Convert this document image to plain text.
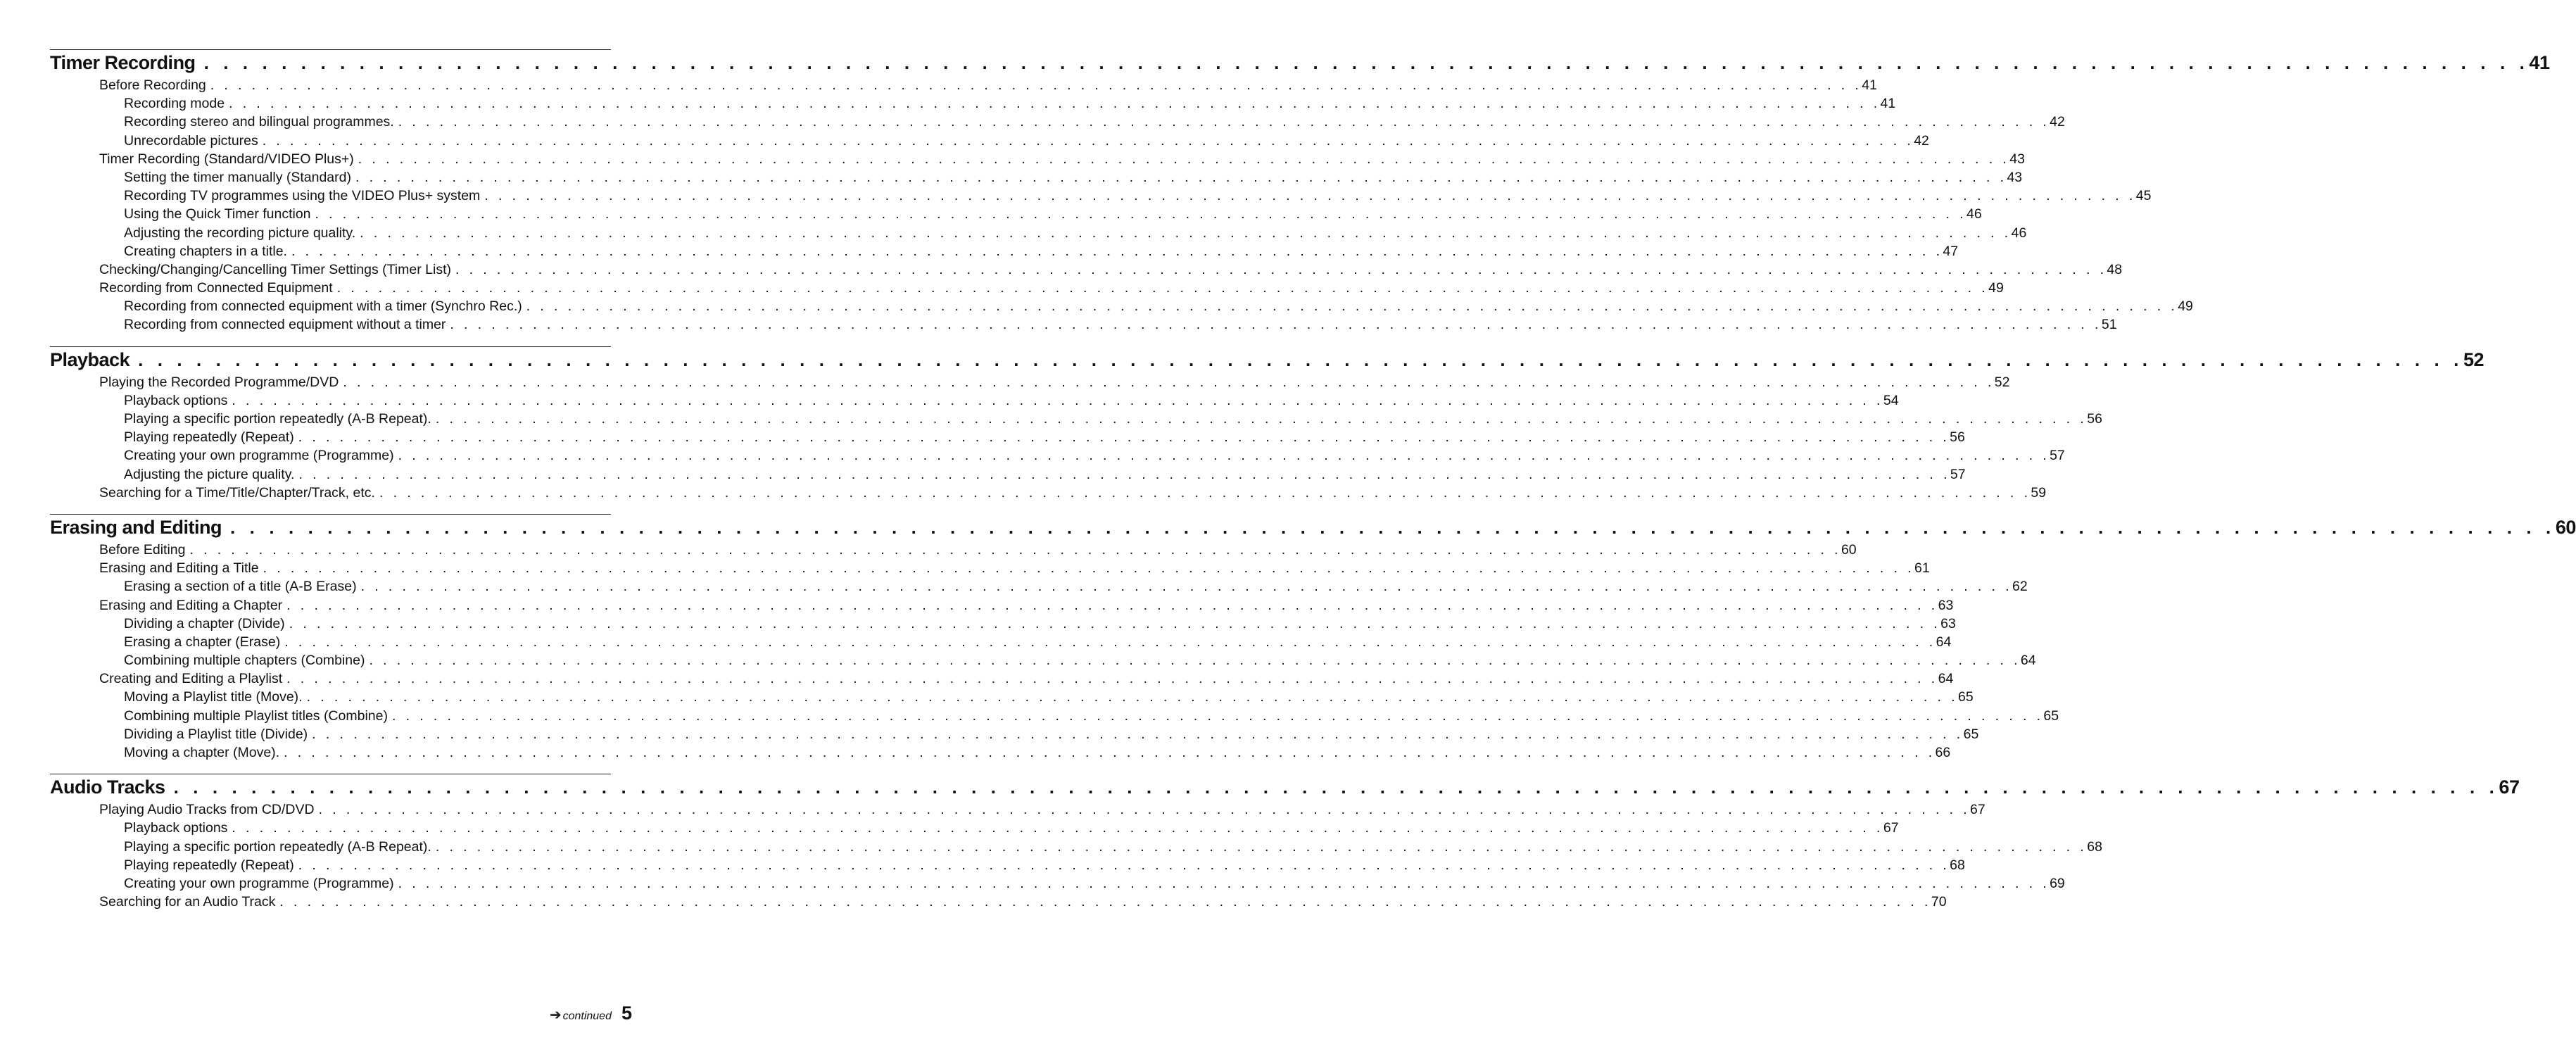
Timer Recording . . . . . . . . . . . . . . . . . . . . . . . . . . . . . . . . . . . . . . . . . . . . . . . . . . . . . . . . . . . . . . . . . . . . . . . . . . . . . . . . . . . . . . . . . . . . . . . . . . . . . . . . . . . . . . . . . . . . . . . . 41
Before Recording . . . . . . . . . . . . . . . . . . . . . . . . . . . . . . . . . . . . . . . . . . . . . . . . . . . . . . . . . . . . . . . . . . . . . . . . . . . . . . . . . . . . . . . . . . . . . . . . . . . . . . . . . . . . . . . . . . . . . . . . 41
Recording mode . . . . . . . . . . . . . . . . . . . . . . . . . . . . . . . . . . . . . . . . . . . . . . . . . . . . . . . . . . . . . . . . . . . . . . . . . . . . . . . . . . . . . . . . . . . . . . . . . . . . . . . . . . . . . . . . . . . . . . . . 41
Recording stereo and bilingual programmes. . . . . . . . . . . . . . . . . . . . . . . . . . . . . . . . . . . . . . . . . . . . . . . . . . . . . . . . . . . . . . . . . . . . . . . . . . . . . . . . . . . . . . . . . . . . . . . . . . . . . . . . . . . . . . . . . . . . . . . . . 42
Unrecordable pictures . . . . . . . . . . . . . . . . . . . . . . . . . . . . . . . . . . . . . . . . . . . . . . . . . . . . . . . . . . . . . . . . . . . . . . . . . . . . . . . . . . . . . . . . . . . . . . . . . . . . . . . . . . . . . . . . . . . . . . . . 42
Timer Recording (Standard/VIDEO Plus+) . . . . . . . . . . . . . . . . . . . . . . . . . . . . . . . . . . . . . . . . . . . . . . . . . . . . . . . . . . . . . . . . . . . . . . . . . . . . . . . . . . . . . . . . . . . . . . . . . . . . . . . . . . . . . . . . . . . . . . . . 43
Setting the timer manually (Standard) . . . . . . . . . . . . . . . . . . . . . . . . . . . . . . . . . . . . . . . . . . . . . . . . . . . . . . . . . . . . . . . . . . . . . . . . . . . . . . . . . . . . . . . . . . . . . . . . . . . . . . . . . . . . . . . . . . . . . . . . 43
Recording TV programmes using the VIDEO Plus+ system . . . . . . . . . . . . . . . . . . . . . . . . . . . . . . . . . . . . . . . . . . . . . . . . . . . . . . . . . . . . . . . . . . . . . . . . . . . . . . . . . . . . . . . . . . . . . . . . . . . . . . . . . . . . . . . . . . . . . . . . 45
Using the Quick Timer function . . . . . . . . . . . . . . . . . . . . . . . . . . . . . . . . . . . . . . . . . . . . . . . . . . . . . . . . . . . . . . . . . . . . . . . . . . . . . . . . . . . . . . . . . . . . . . . . . . . . . . . . . . . . . . . . . . . . . . . . 46
Adjusting the recording picture quality. . . . . . . . . . . . . . . . . . . . . . . . . . . . . . . . . . . . . . . . . . . . . . . . . . . . . . . . . . . . . . . . . . . . . . . . . . . . . . . . . . . . . . . . . . . . . . . . . . . . . . . . . . . . . . . . . . . . . . . . . 46
Creating chapters in a title. . . . . . . . . . . . . . . . . . . . . . . . . . . . . . . . . . . . . . . . . . . . . . . . . . . . . . . . . . . . . . . . . . . . . . . . . . . . . . . . . . . . . . . . . . . . . . . . . . . . . . . . . . . . . . . . . . . . . . . . . 47
Checking/Changing/Cancelling Timer Settings (Timer List) . . . . . . . . . . . . . . . . . . . . . . . . . . . . . . . . . . . . . . . . . . . . . . . . . . . . . . . . . . . . . . . . . . . . . . . . . . . . . . . . . . . . . . . . . . . . . . . . . . . . . . . . . . . . . . . . . . . . . . . . 48
Recording from Connected Equipment . . . . . . . . . . . . . . . . . . . . . . . . . . . . . . . . . . . . . . . . . . . . . . . . . . . . . . . . . . . . . . . . . . . . . . . . . . . . . . . . . . . . . . . . . . . . . . . . . . . . . . . . . . . . . . . . . . . . . . . . 49
Recording from connected equipment with a timer (Synchro Rec.) . . . . . . . . . . . . . . . . . . . . . . . . . . . . . . . . . . . . . . . . . . . . . . . . . . . . . . . . . . . . . . . . . . . . . . . . . . . . . . . . . . . . . . . . . . . . . . . . . . . . . . . . . . . . . . . . . . . . . . . . 49
Recording from connected equipment without a timer . . . . . . . . . . . . . . . . . . . . . . . . . . . . . . . . . . . . . . . . . . . . . . . . . . . . . . . . . . . . . . . . . . . . . . . . . . . . . . . . . . . . . . . . . . . . . . . . . . . . . . . . . . . . . . . . . . . . . . . . 51
Playback . . . . . . . . . . . . . . . . . . . . . . . . . . . . . . . . . . . . . . . . . . . . . . . . . . . . . . . . . . . . . . . . . . . . . . . . . . . . . . . . . . . . . . . . . . . . . . . . . . . . . . . . . . . . . . . . . . . . . . . . 52
Playing the Recorded Programme/DVD . . . . . . . . . . . . . . . . . . . . . . . . . . . . . . . . . . . . . . . . . . . . . . . . . . . . . . . . . . . . . . . . . . . . . . . . . . . . . . . . . . . . . . . . . . . . . . . . . . . . . . . . . . . . . . . . . . . . . . . . 52
Playback options . . . . . . . . . . . . . . . . . . . . . . . . . . . . . . . . . . . . . . . . . . . . . . . . . . . . . . . . . . . . . . . . . . . . . . . . . . . . . . . . . . . . . . . . . . . . . . . . . . . . . . . . . . . . . . . . . . . . . . . . 54
Playing a specific portion repeatedly (A-B Repeat). . . . . . . . . . . . . . . . . . . . . . . . . . . . . . . . . . . . . . . . . . . . . . . . . . . . . . . . . . . . . . . . . . . . . . . . . . . . . . . . . . . . . . . . . . . . . . . . . . . . . . . . . . . . . . . . . . . . . . . . . 56
Playing repeatedly (Repeat) . . . . . . . . . . . . . . . . . . . . . . . . . . . . . . . . . . . . . . . . . . . . . . . . . . . . . . . . . . . . . . . . . . . . . . . . . . . . . . . . . . . . . . . . . . . . . . . . . . . . . . . . . . . . . . . . . . . . . . . . 56
Creating your own programme (Programme) . . . . . . . . . . . . . . . . . . . . . . . . . . . . . . . . . . . . . . . . . . . . . . . . . . . . . . . . . . . . . . . . . . . . . . . . . . . . . . . . . . . . . . . . . . . . . . . . . . . . . . . . . . . . . . . . . . . . . . . . 57
Adjusting the picture quality. . . . . . . . . . . . . . . . . . . . . . . . . . . . . . . . . . . . . . . . . . . . . . . . . . . . . . . . . . . . . . . . . . . . . . . . . . . . . . . . . . . . . . . . . . . . . . . . . . . . . . . . . . . . . . . . . . . . . . . . . 57
Searching for a Time/Title/Chapter/Track, etc. . . . . . . . . . . . . . . . . . . . . . . . . . . . . . . . . . . . . . . . . . . . . . . . . . . . . . . . . . . . . . . . . . . . . . . . . . . . . . . . . . . . . . . . . . . . . . . . . . . . . . . . . . . . . . . . . . . . . . . . . 59
Erasing and Editing . . . . . . . . . . . . . . . . . . . . . . . . . . . . . . . . . . . . . . . . . . . . . . . . . . . . . . . . . . . . . . . . . . . . . . . . . . . . . . . . . . . . . . . . . . . . . . . . . . . . . . . . . . . . . . . . . . . . . . . . 60
Before Editing . . . . . . . . . . . . . . . . . . . . . . . . . . . . . . . . . . . . . . . . . . . . . . . . . . . . . . . . . . . . . . . . . . . . . . . . . . . . . . . . . . . . . . . . . . . . . . . . . . . . . . . . . . . . . . . . . . . . . . . . 60
Erasing and Editing a Title . . . . . . . . . . . . . . . . . . . . . . . . . . . . . . . . . . . . . . . . . . . . . . . . . . . . . . . . . . . . . . . . . . . . . . . . . . . . . . . . . . . . . . . . . . . . . . . . . . . . . . . . . . . . . . . . . . . . . . . . 61
Erasing a section of a title (A-B Erase) . . . . . . . . . . . . . . . . . . . . . . . . . . . . . . . . . . . . . . . . . . . . . . . . . . . . . . . . . . . . . . . . . . . . . . . . . . . . . . . . . . . . . . . . . . . . . . . . . . . . . . . . . . . . . . . . . . . . . . . . 62
Erasing and Editing a Chapter . . . . . . . . . . . . . . . . . . . . . . . . . . . . . . . . . . . . . . . . . . . . . . . . . . . . . . . . . . . . . . . . . . . . . . . . . . . . . . . . . . . . . . . . . . . . . . . . . . . . . . . . . . . . . . . . . . . . . . . . 63
Dividing a chapter (Divide) . . . . . . . . . . . . . . . . . . . . . . . . . . . . . . . . . . . . . . . . . . . . . . . . . . . . . . . . . . . . . . . . . . . . . . . . . . . . . . . . . . . . . . . . . . . . . . . . . . . . . . . . . . . . . . . . . . . . . . . . 63
Erasing a chapter (Erase) . . . . . . . . . . . . . . . . . . . . . . . . . . . . . . . . . . . . . . . . . . . . . . . . . . . . . . . . . . . . . . . . . . . . . . . . . . . . . . . . . . . . . . . . . . . . . . . . . . . . . . . . . . . . . . . . . . . . . . . . 64
Combining multiple chapters (Combine) . . . . . . . . . . . . . . . . . . . . . . . . . . . . . . . . . . . . . . . . . . . . . . . . . . . . . . . . . . . . . . . . . . . . . . . . . . . . . . . . . . . . . . . . . . . . . . . . . . . . . . . . . . . . . . . . . . . . . . . . 64
Creating and Editing a Playlist . . . . . . . . . . . . . . . . . . . . . . . . . . . . . . . . . . . . . . . . . . . . . . . . . . . . . . . . . . . . . . . . . . . . . . . . . . . . . . . . . . . . . . . . . . . . . . . . . . . . . . . . . . . . . . . . . . . . . . . . 64
Moving a Playlist title (Move). . . . . . . . . . . . . . . . . . . . . . . . . . . . . . . . . . . . . . . . . . . . . . . . . . . . . . . . . . . . . . . . . . . . . . . . . . . . . . . . . . . . . . . . . . . . . . . . . . . . . . . . . . . . . . . . . . . . . . . . . 65
Combining multiple Playlist titles (Combine) . . . . . . . . . . . . . . . . . . . . . . . . . . . . . . . . . . . . . . . . . . . . . . . . . . . . . . . . . . . . . . . . . . . . . . . . . . . . . . . . . . . . . . . . . . . . . . . . . . . . . . . . . . . . . . . . . . . . . . . . 65
Dividing a Playlist title (Divide) . . . . . . . . . . . . . . . . . . . . . . . . . . . . . . . . . . . . . . . . . . . . . . . . . . . . . . . . . . . . . . . . . . . . . . . . . . . . . . . . . . . . . . . . . . . . . . . . . . . . . . . . . . . . . . . . . . . . . . . . 65
Moving a chapter (Move). . . . . . . . . . . . . . . . . . . . . . . . . . . . . . . . . . . . . . . . . . . . . . . . . . . . . . . . . . . . . . . . . . . . . . . . . . . . . . . . . . . . . . . . . . . . . . . . . . . . . . . . . . . . . . . . . . . . . . . . . 66
Audio Tracks . . . . . . . . . . . . . . . . . . . . . . . . . . . . . . . . . . . . . . . . . . . . . . . . . . . . . . . . . . . . . . . . . . . . . . . . . . . . . . . . . . . . . . . . . . . . . . . . . . . . . . . . . . . . . . . . . . . . . . . . 67
Playing Audio Tracks from CD/DVD . . . . . . . . . . . . . . . . . . . . . . . . . . . . . . . . . . . . . . . . . . . . . . . . . . . . . . . . . . . . . . . . . . . . . . . . . . . . . . . . . . . . . . . . . . . . . . . . . . . . . . . . . . . . . . . . . . . . . . . . 67
Playback options . . . . . . . . . . . . . . . . . . . . . . . . . . . . . . . . . . . . . . . . . . . . . . . . . . . . . . . . . . . . . . . . . . . . . . . . . . . . . . . . . . . . . . . . . . . . . . . . . . . . . . . . . . . . . . . . . . . . . . . . 67
Playing a specific portion repeatedly (A-B Repeat). . . . . . . . . . . . . . . . . . . . . . . . . . . . . . . . . . . . . . . . . . . . . . . . . . . . . . . . . . . . . . . . . . . . . . . . . . . . . . . . . . . . . . . . . . . . . . . . . . . . . . . . . . . . . . . . . . . . . . . . . 68
Playing repeatedly (Repeat) . . . . . . . . . . . . . . . . . . . . . . . . . . . . . . . . . . . . . . . . . . . . . . . . . . . . . . . . . . . . . . . . . . . . . . . . . . . . . . . . . . . . . . . . . . . . . . . . . . . . . . . . . . . . . . . . . . . . . . . . 68
Creating your own programme (Programme) . . . . . . . . . . . . . . . . . . . . . . . . . . . . . . . . . . . . . . . . . . . . . . . . . . . . . . . . . . . . . . . . . . . . . . . . . . . . . . . . . . . . . . . . . . . . . . . . . . . . . . . . . . . . . . . . . . . . . . . . 69
Searching for an Audio Track . . . . . . . . . . . . . . . . . . . . . . . . . . . . . . . . . . . . . . . . . . . . . . . . . . . . . . . . . . . . . . . . . . . . . . . . . . . . . . . . . . . . . . . . . . . . . . . . . . . . . . . . . . . . . . . . . . . . . . . . 70
➔ continued 5
